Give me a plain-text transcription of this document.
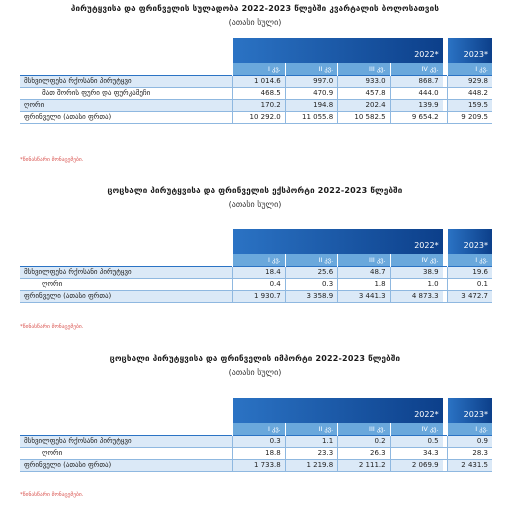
პირუტყვისა და ფრინველის სულადობა 2022-2023 წლებში კვარტალის ბოლოსათვის
(ათასი სული)
	2022*					2023*
	I კვ.	II კვ.	III კვ.	IV კვ.		I კვ.
მსხვილფეხა რქოსანი პირუტყვი	1 014.6	997.0	933.0	868.7		929.8
მათ შორის ფური და ფურკამეჩი	468.5	470.9	457.8	444.0		448.2
ღორი	170.2	194.8	202.4	139.9		159.5
ფრინველი (ათასი ფრთა)	10 292.0	11 055.8	10 582.5	9 654.2		9 209.5
*წინასწარი მონაცემები.
ცოცხალი პირუტყვისა და ფრინველის ექსპორტი 2022-2023 წლებში
(ათასი სული)
	2022*					2023*
	I კვ.	II კვ.	III კვ.	IV კვ.		I კვ.
მსხვილფეხა რქოსანი პირუტყვი	18.4	25.6	48.7	38.9		19.6
ღორი	0.4	0.3	1.8	1.0		0.1
ფრინველი (ათასი ფრთა)	1 930.7	3 358.9	3 441.3	4 873.3		3 472.7
*წინასწარი მონაცემები.
ცოცხალი პირუტყვისა და ფრინველის იმპორტი 2022-2023 წლებში
(ათასი სული)
	2022*					2023*
	I კვ.	II კვ.	III კვ.	IV კვ.		I კვ.
მსხვილფეხა რქოსანი პირუტყვი	0.3	1.1	0.2	0.5		0.9
ღორი	18.8	23.3	26.3	34.3		28.3
ფრინველი (ათასი ფრთა)	1 733.8	1 219.8	2 111.2	2 069.9		2 431.5
*წინასწარი მონაცემები.
